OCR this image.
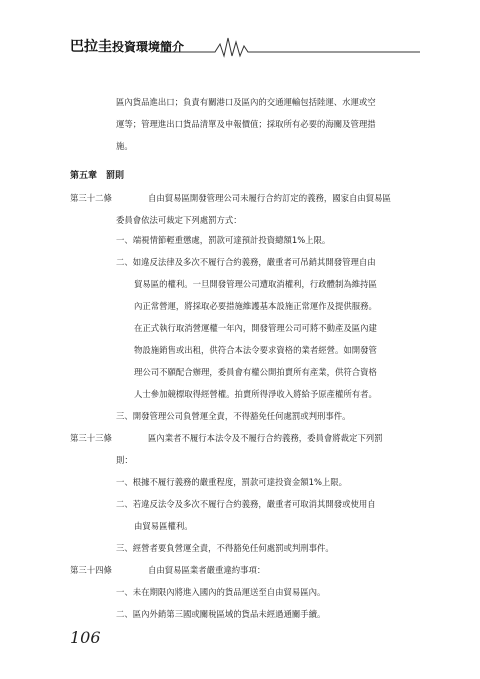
巴拉圭投資環境簡介
區內貨品進出口；負責有關港口及區內的交通運輸包括陸運、水運或空
運等；管理進出口貨品清單及申報價值；採取所有必要的海關及管理措
施。
第五章　罰則
第三十二條	自由貿易區開發管理公司未履行合約訂定的義務，國家自由貿易區
委員會依法可裁定下列處罰方式：
一、端視情節輕重懲處，罰款可達預計投資總額1%上限。
二、如違反法律及多次不履行合約義務，嚴重者可吊銷其開發管理自由
貿易區的權利。一旦開發管理公司遭取消權利，行政體制為維持區
內正常營運，將採取必要措施維護基本設施正常運作及提供服務。
在正式執行取消營運權一年內，開發管理公司可將不動產及區內建
物設施銷售或出租，供符合本法令要求資格的業者經營。如開發管
理公司不願配合辦理，委員會有權公開拍賣所有產業，供符合資格
人士參加競標取得經營權。拍賣所得淨收入將給予原產權所有者。
三、開發管理公司負營運全責，不得豁免任何處罰或判刑事件。
第三十三條	區內業者不履行本法令及不履行合約義務，委員會將裁定下列罰
則：
一、根據不履行義務的嚴重程度，罰款可達投資金額1%上限。
二、若違反法令及多次不履行合約義務，嚴重者可取消其開發或使用自
由貿易區權利。
三、經營者要負營運全責，不得豁免任何處罰或判刑事件。
第三十四條	自由貿易區業者嚴重違約事項：
一、未在期限內將進入國內的貨品運送至自由貿易區內。
二、區內外銷第三國或關稅區域的貨品未經過通關手續。
106
